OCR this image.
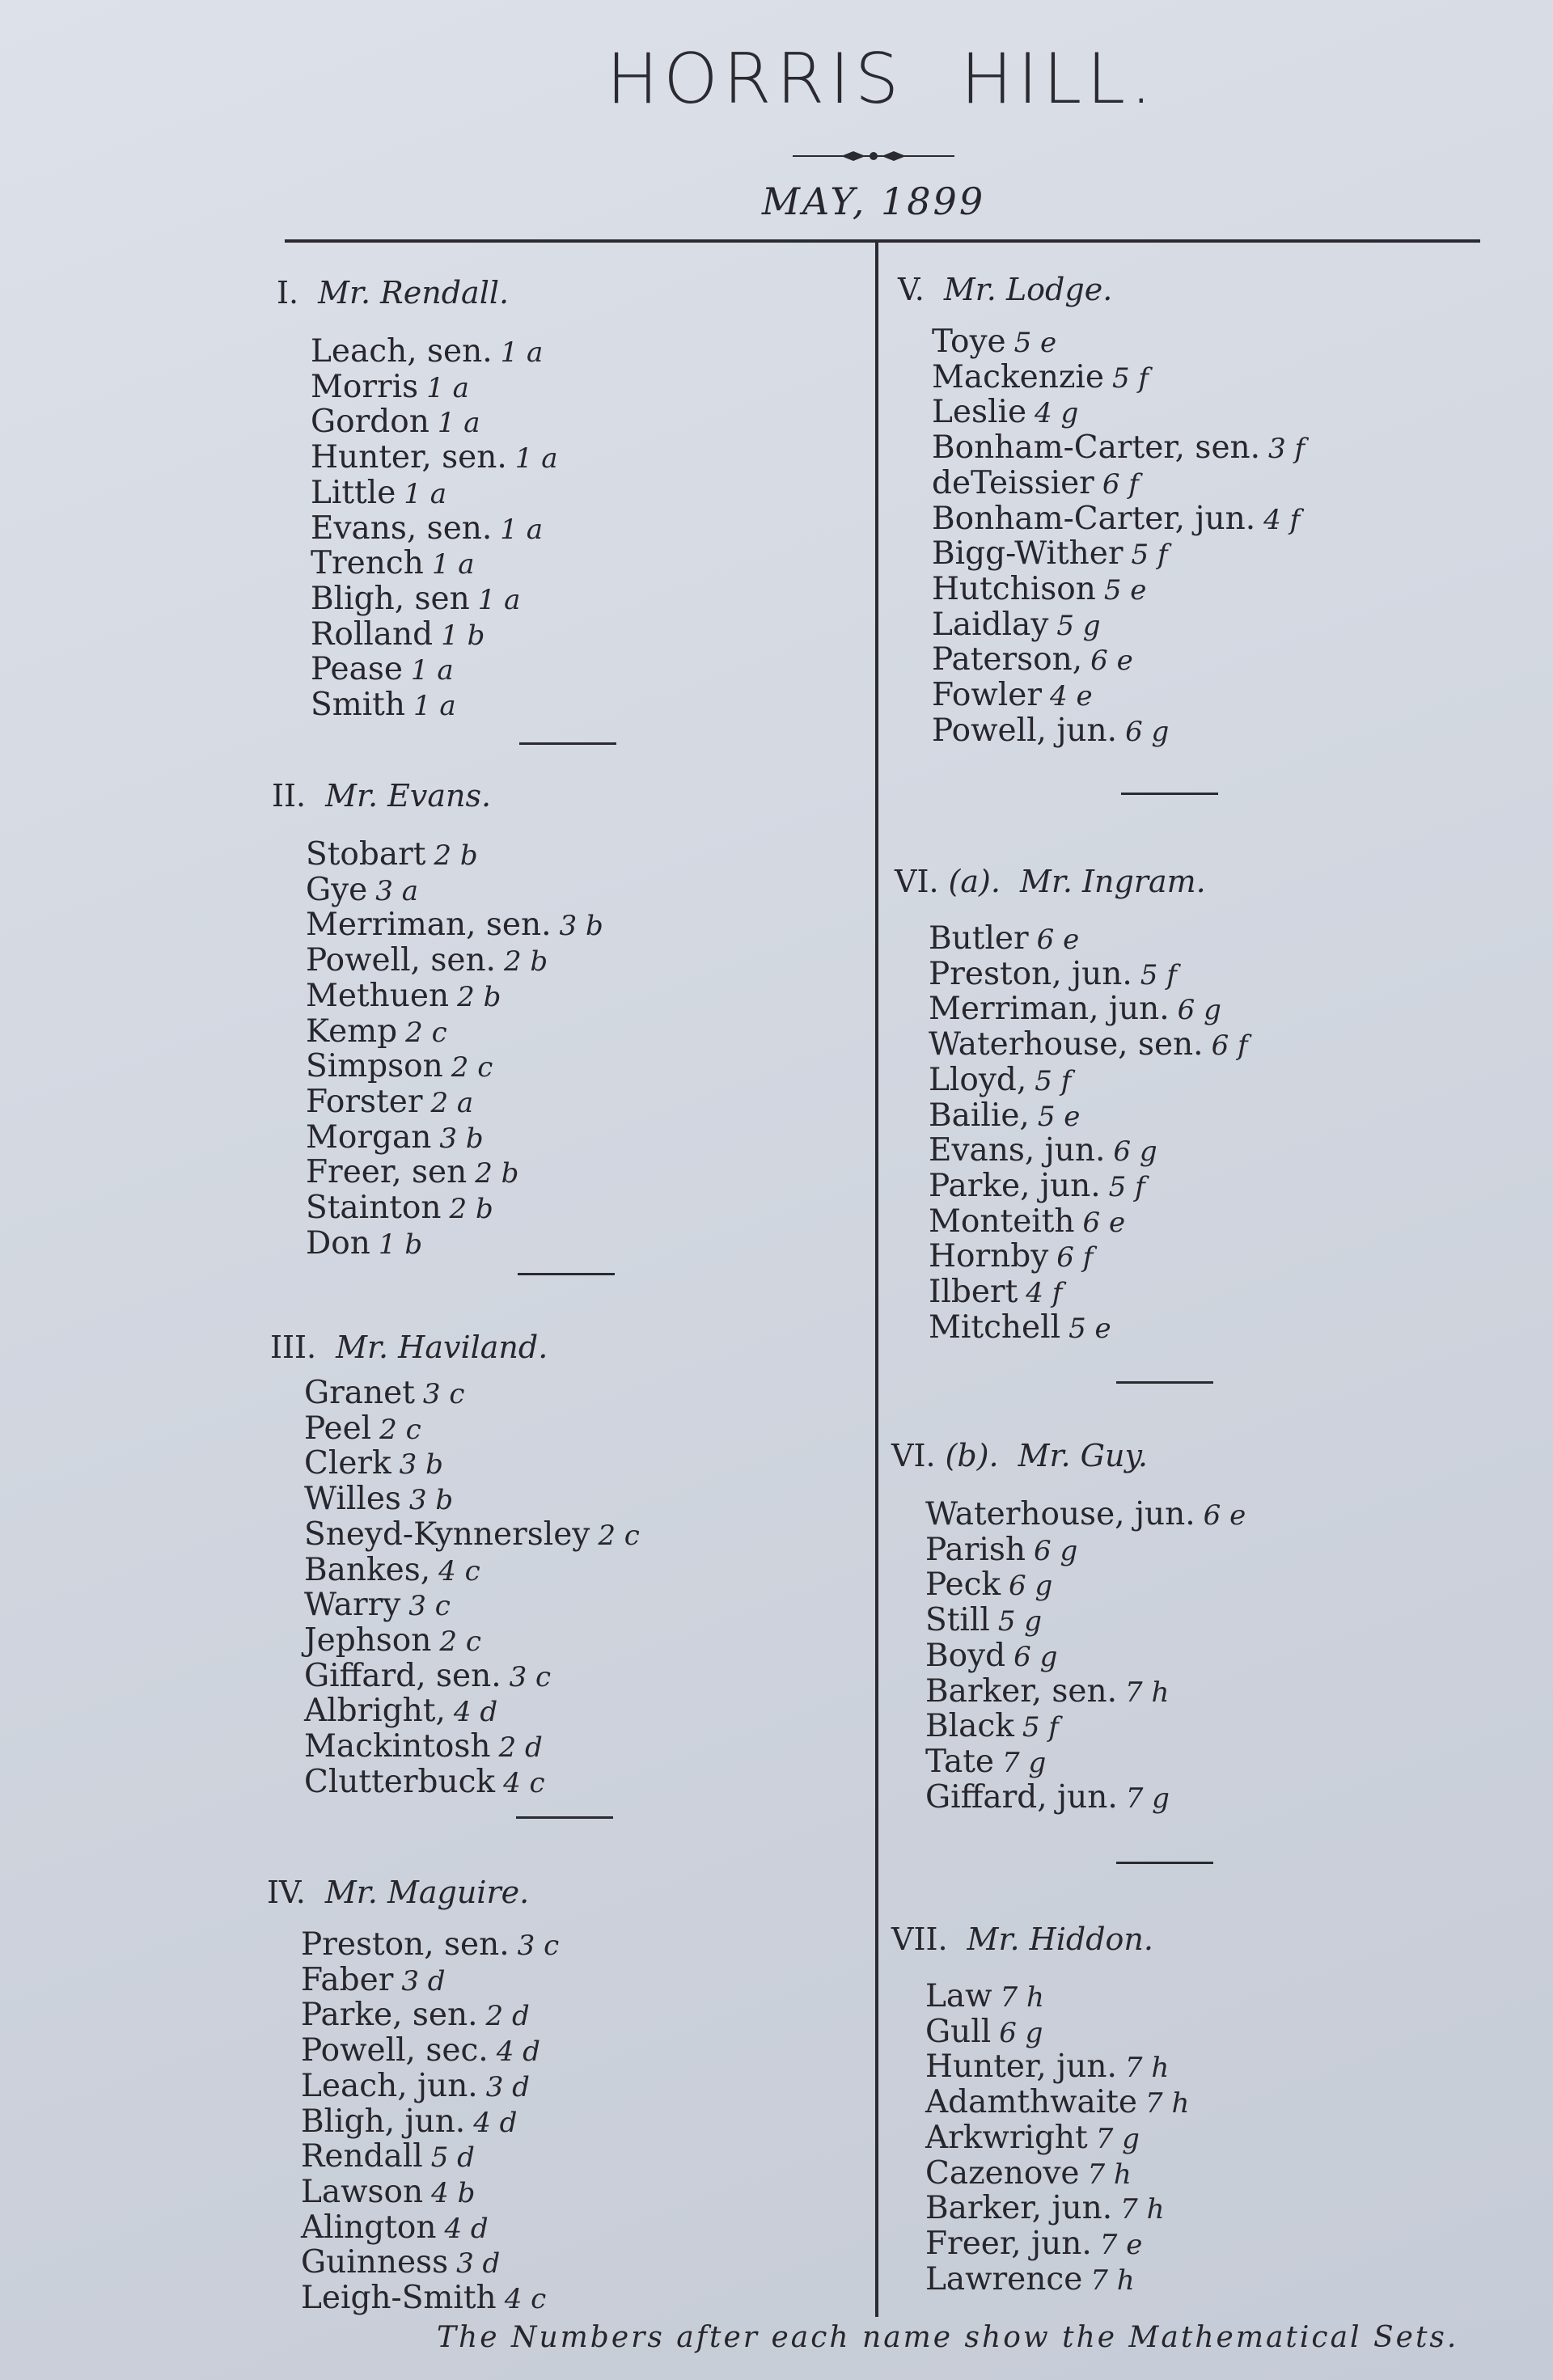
HORRIS HILL.
MAY, 1899
I. Mr. Rendall.
Leach, sen. 1 a
Morris 1 a
Gordon 1 a
Hunter, sen. 1 a
Little 1 a
Evans, sen. 1 a
Trench 1 a
Bligh, sen 1 a
Rolland 1 b
Pease 1 a
Smith 1 a
II. Mr. Evans.
Stobart 2 b
Gye 3 a
Merriman, sen. 3 b
Powell, sen. 2 b
Methuen 2 b
Kemp 2 c
Simpson 2 c
Forster 2 a
Morgan 3 b
Freer, sen 2 b
Stainton 2 b
Don 1 b
III. Mr. Haviland.
Granet 3 c
Peel 2 c
Clerk 3 b
Willes 3 b
Sneyd-Kynnersley 2 c
Bankes, 4 c
Warry 3 c
Jephson 2 c
Giffard, sen. 3 c
Albright, 4 d
Mackintosh 2 d
Clutterbuck 4 c
IV. Mr. Maguire.
Preston, sen. 3 c
Faber 3 d
Parke, sen. 2 d
Powell, sec. 4 d
Leach, jun. 3 d
Bligh, jun. 4 d
Rendall 5 d
Lawson 4 b
Alington 4 d
Guinness 3 d
Leigh-Smith 4 c
V. Mr. Lodge.
Toye 5 e
Mackenzie 5 f
Leslie 4 g
Bonham-Carter, sen. 3 f
deTeissier 6 f
Bonham-Carter, jun. 4 f
Bigg-Wither 5 f
Hutchison 5 e
Laidlay 5 g
Paterson, 6 e
Fowler 4 e
Powell, jun. 6 g
VI. (a). Mr. Ingram.
Butler 6 e
Preston, jun. 5 f
Merriman, jun. 6 g
Waterhouse, sen. 6 f
Lloyd, 5 f
Bailie, 5 e
Evans, jun. 6 g
Parke, jun. 5 f
Monteith 6 e
Hornby 6 f
Ilbert 4 f
Mitchell 5 e
VI. (b). Mr. Guy.
Waterhouse, jun. 6 e
Parish 6 g
Peck 6 g
Still 5 g
Boyd 6 g
Barker, sen. 7 h
Black 5 f
Tate 7 g
Giffard, jun. 7 g
VII. Mr. Hiddon.
Law 7 h
Gull 6 g
Hunter, jun. 7 h
Adamthwaite 7 h
Arkwright 7 g
Cazenove 7 h
Barker, jun. 7 h
Freer, jun. 7 e
Lawrence 7 h
The Numbers after each name show the Mathematical Sets.
